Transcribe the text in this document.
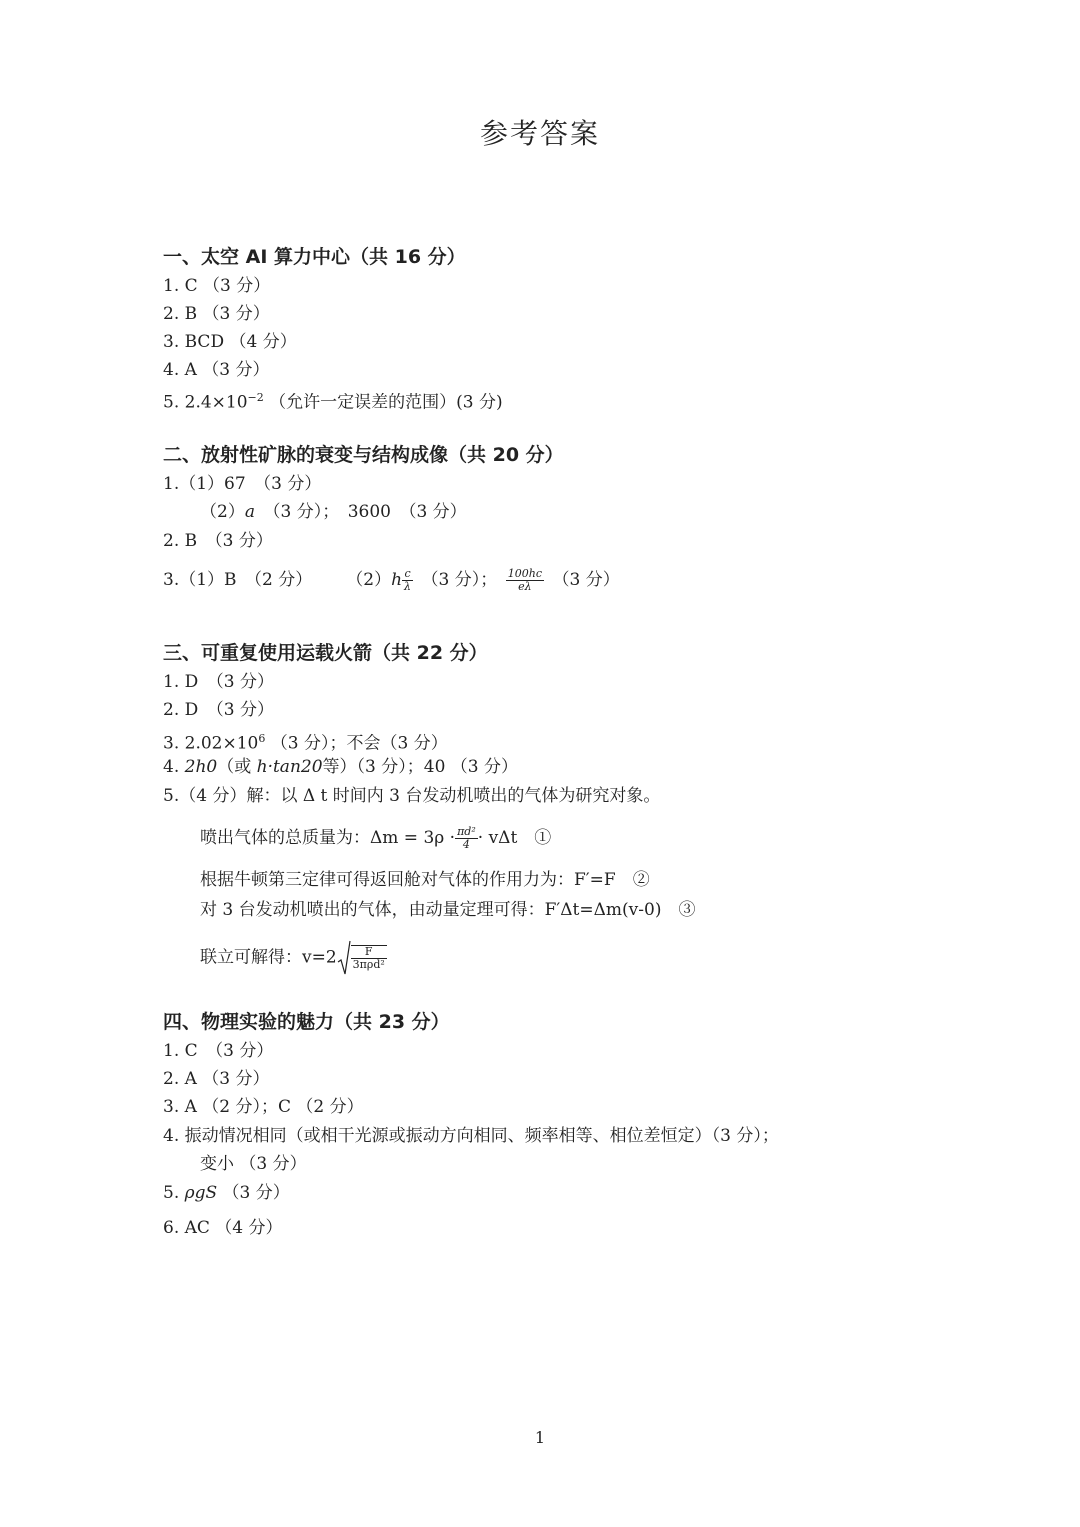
参考答案
一、太空 AI 算力中心（共 16 分）
1. C （3 分）
2. B （3 分）
3. BCD （4 分）
4. A （3 分）
5. $2.4\times 10^{-2}$ （允许一定误差的范围）(3 分)
二、放射性矿脉的衰变与结构成像（共 20 分）
1.（1）67　（3 分）
（2）a　（3 分）；　3600　（3 分）
2. B　（3 分）
3.（1）B　（2 分）　　　$(2)h \frac{c}{\lambda}$ 　（3 分）；　 $\frac{100hc}{e\lambda}$ 　（3 分）
三、可重复使用运载火箭（共 22 分）
1. D　（3 分）
2. D　（3 分）
3. $2.02\times 10^6$ （3 分）；不会（3 分）
4. 2h0（或 h·tan20等）（3 分）；40 （3 分）
5.（4 分）解：以 Δ t 时间内 3 台发动机喷出的气体为研究对象。
喷出气体的总质量为：$\Delta m = 3\rho \cdot \frac{\text{πd²}}{4} \cdot v\Delta t$　①
根据牛顿第三定律可得返回舱对气体的作用力为：F′=F　②
对 3 台发动机喷出的气体，由动量定理可得：F′Δt=Δm(v-0)　③
联立可解得：$v=2 \frac{F}{\text{3πρd²}}$
四、物理实验的魅力（共 23 分）
1. C　（3 分）
2. A （3 分）
3. A （2 分）；C （2 分）
4. 振动情况相同（或相干光源或振动方向相同、频率相等、相位差恒定）（3 分）；
变小 （3 分）
5. ρgS （3 分）
6. AC （4 分）
1
